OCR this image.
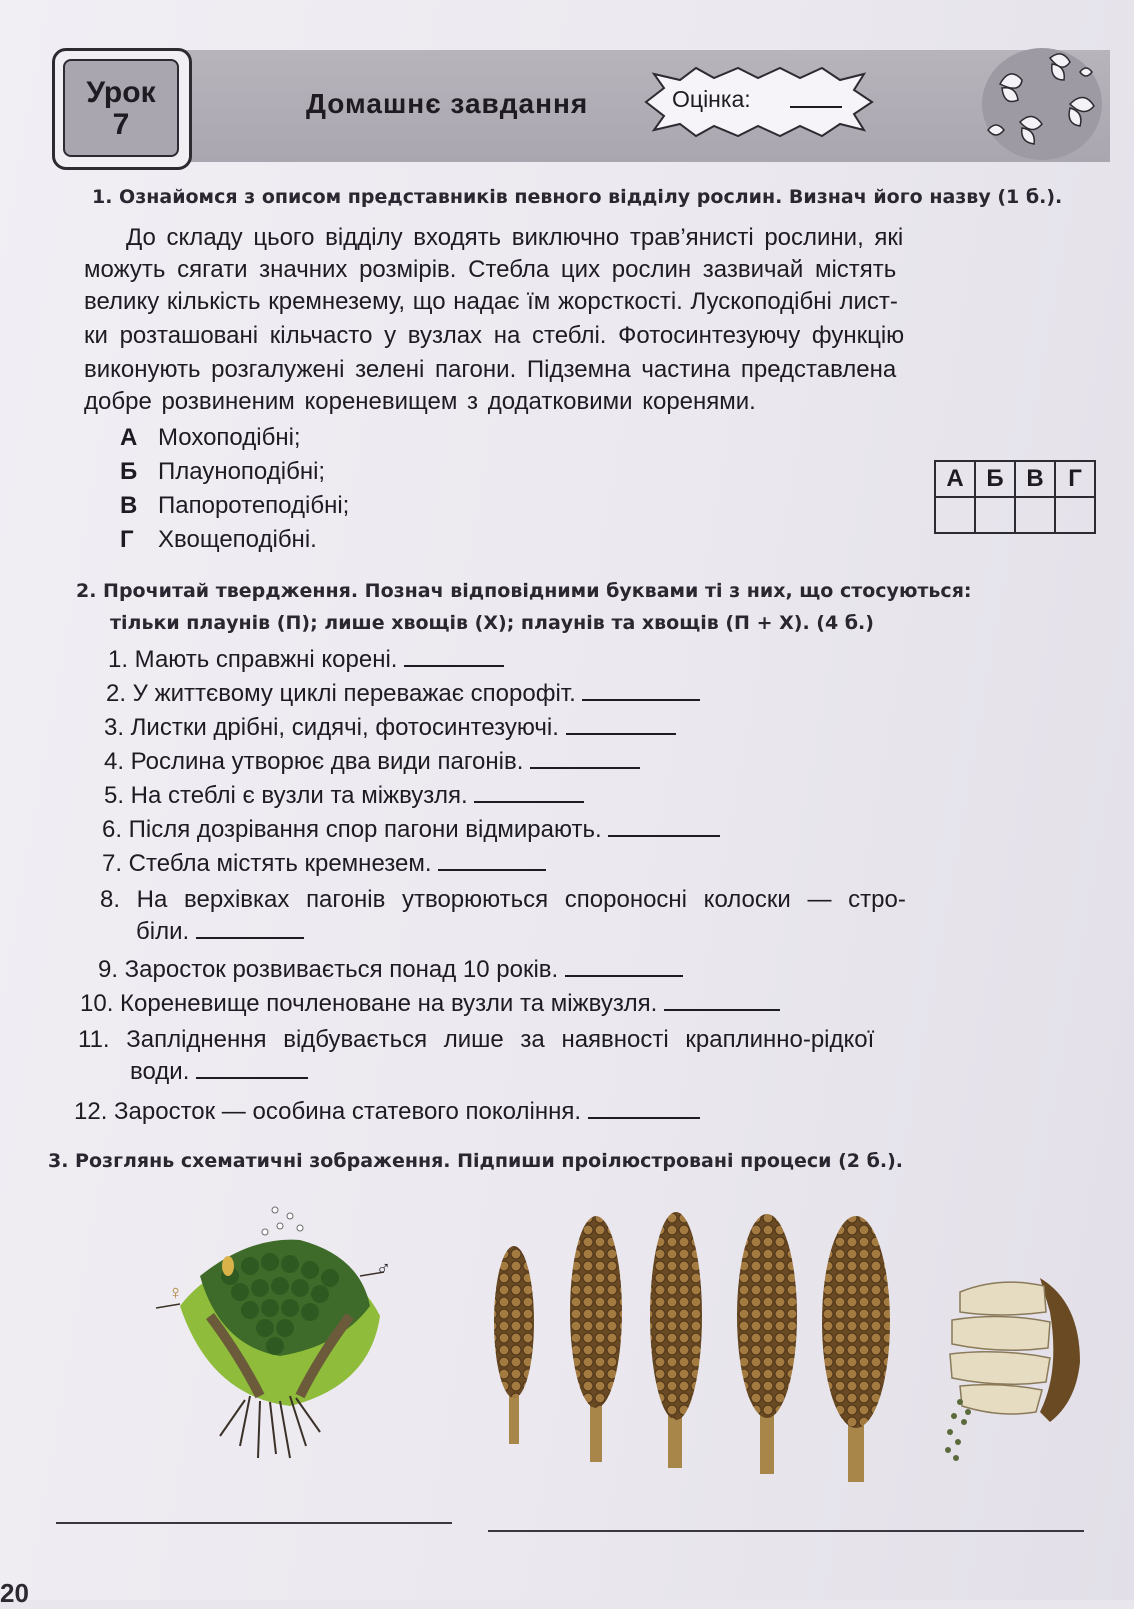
Урок
7
Домашнє завдання	Оцінка:
1. Ознайомся з описом представників певного відділу рослин. Визнач його назву (1 б.).
До складу цього відділу входять виключно трав’янисті рослини, які
можуть сягати значних розмірів. Стебла цих рослин зазвичай містять
велику кількість кремнезему, що надає їм жорсткості. Лускоподібні лист-
ки розташовані кільчасто у вузлах на стеблі. Фотосинтезуючу функцію
виконують розгалужені зелені пагони. Підземна частина представлена
добре розвиненим кореневищем з додатковими коренями.
А Мохоподібні;
Б Плауноподібні;
В Папоротеподібні;
Г Хвощеподібні.
А	Б	В	Г

2. Прочитай твердження. Познач відповідними буквами ті з них, що стосуються:
тільки плаунів (П); лише хвощів (Х); плаунів та хвощів (П + Х). (4 б.)
1. Мають справжні корені.
2. У життєвому циклі переважає спорофіт.
3. Листки дрібні, сидячі, фотосинтезуючі.
4. Рослина утворює два види пагонів.
5. На стеблі є вузли та міжвузля.
6. Після дозрівання спор пагони відмирають.
7. Стебла містять кремнезем.
8. На верхівках пагонів утворюються спороносні колоски — стро-
біли.
9. Заросток розвивається понад 10 років.
10. Кореневище почленоване на вузли та міжвузля.
11. Запліднення відбувається лише за наявності краплинно-рідкої
води.
12. Заросток — особина статевого покоління.
3. Розглянь схематичні зображення. Підпиши проілюстровані процеси (2 б.).
♀
♂
20
